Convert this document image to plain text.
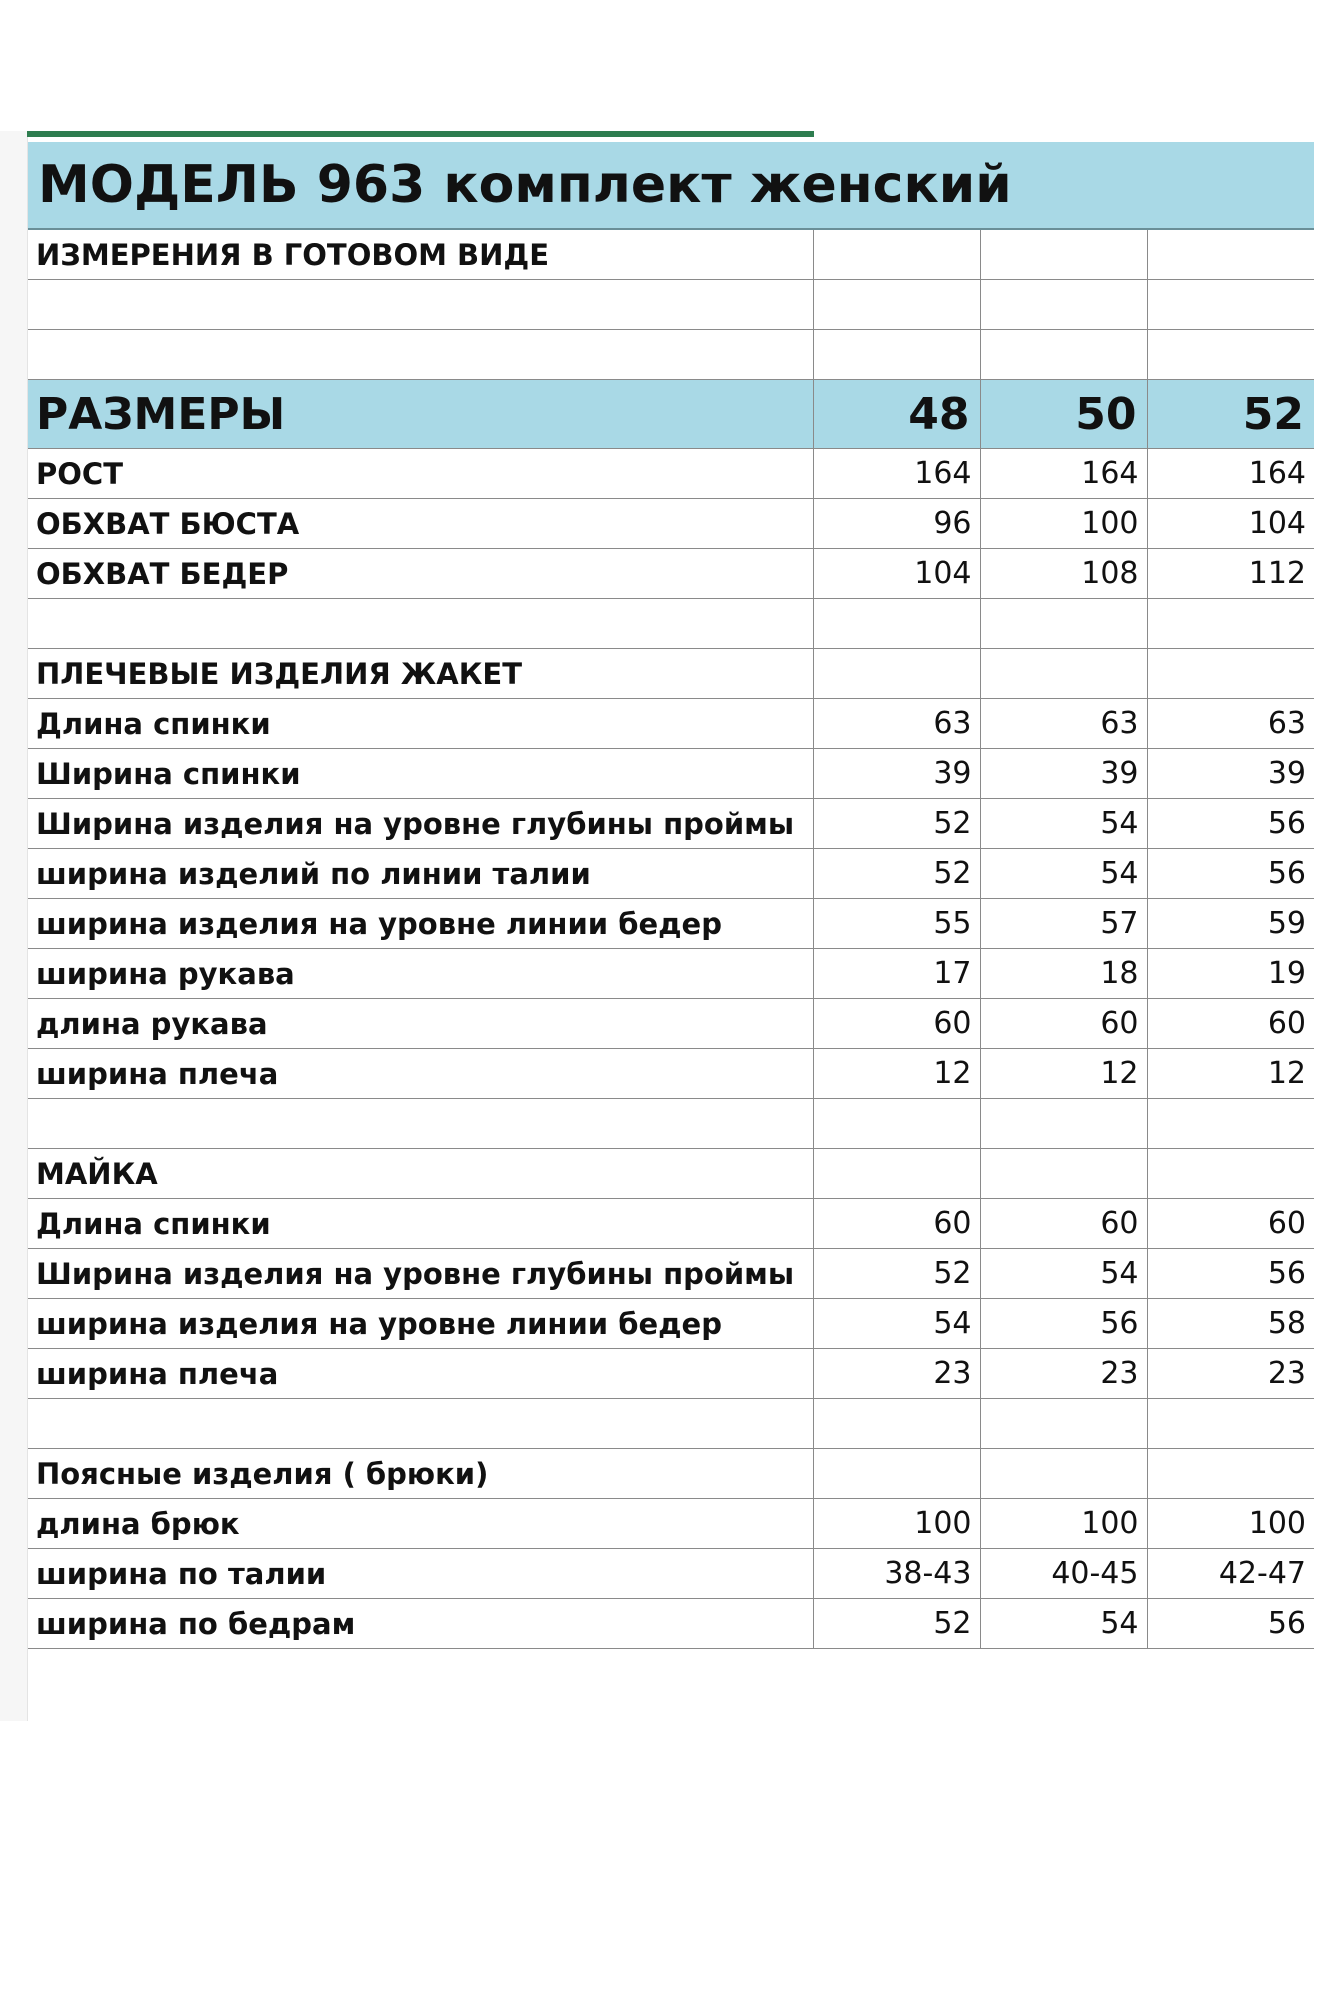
МОДЕЛЬ 963 комплект женский			
ИЗМЕРЕНИЯ В ГОТОВОМ ВИДЕ			

РАЗМЕРЫ	48	50	52
РОСТ	164	164	164
ОБХВАТ БЮСТА	96	100	104
ОБХВАТ БЕДЕР	104	108	112

ПЛЕЧЕВЫЕ ИЗДЕЛИЯ ЖАКЕТ			
Длина спинки	63	63	63
Ширина спинки	39	39	39
Ширина изделия на уровне глубины проймы	52	54	56
ширина изделий по линии талии	52	54	56
ширина изделия на уровне линии бедер	55	57	59
ширина рукава	17	18	19
длина рукава	60	60	60
ширина плеча	12	12	12

МАЙКА			
Длина спинки	60	60	60
Ширина изделия на уровне глубины проймы	52	54	56
ширина изделия на уровне линии бедер	54	56	58
ширина плеча	23	23	23

Поясные изделия ( брюки)			
длина брюк	100	100	100
ширина по талии	38-43	40-45	42-47
ширина по бедрам	52	54	56
